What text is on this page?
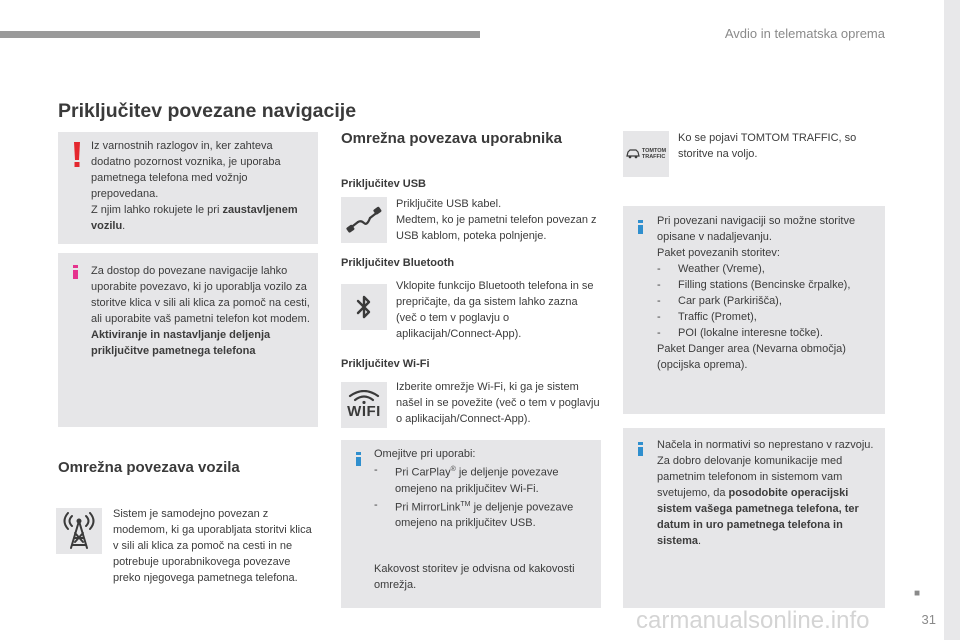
Avdio in telematska oprema
Priključitev povezane navigacije

Iz varnostnih razlogov in, ker zahteva dodatno pozornost voznika, je uporaba pametnega telefona med vožnjo prepovedana.

Z njim lahko rokujete le pri zaustavljenem vozilu.

Za dostop do povezane navigacije lahko uporabite povezavo, ki jo uporablja vozilo za storitve klica v sili ali klica za pomoč na cesti, ali uporabite vaš pametni telefon kot modem.

Aktiviranje in nastavljanje deljenja priključitve pametnega telefona

Omrežna povezava vozila
Sistem je samodejno povezan z modemom, ki ga uporabljata storitvi klica v sili ali klica za pomoč na cesti in ne potrebuje uporabnikovega povezave preko njegovega pametnega telefona.
Omrežna povezava uporabnika
Priključitev USB

Priključite USB kabel.

Medtem, ko je pametni telefon povezan z USB kablom, poteka polnjenje.

Priključitev Bluetooth
Vklopite funkcijo Bluetooth telefona in se prepričajte, da ga sistem lahko zazna (več o tem v poglavju o aplikacijah/Connect-App).
Priključitev Wi-Fi
WIFI
Izberite omrežje Wi-Fi, ki ga je sistem našel in se povežite (več o tem v poglavju o aplikacijah/Connect-App).

Omejitve pri uporabi:

- Pri CarPlay® je deljenje povezave omejeno na priključitev Wi-Fi.
- Pri MirrorLink™ je deljenje povezave omejeno na priključitev USB.

Kakovost storitev je odvisna od kakovosti omrežja.

TOMTOM
TRAFFIC
Ko se pojavi TOMTOM TRAFFIC, so storitve na voljo.

Pri povezani navigaciji so možne storitve opisane v nadaljevanju.

Paket povezanih storitev:

- Weather (Vreme),
- Filling stations (Bencinske črpalke),
- Car park (Parkirišča),
- Traffic (Promet),
- POI (lokalne interesne točke).

Paket Danger area (Nevarna območja) (opcijska oprema).

Načela in normativi so neprestano v razvoju. Za dobro delovanje komunikacije med pametnim telefonom in sistemom vam svetujemo, da posodobite operacijski sistem vašega pametnega telefona, ter datum in uro pametnega telefona in sistema.
■
carmanualsonline.info	31
